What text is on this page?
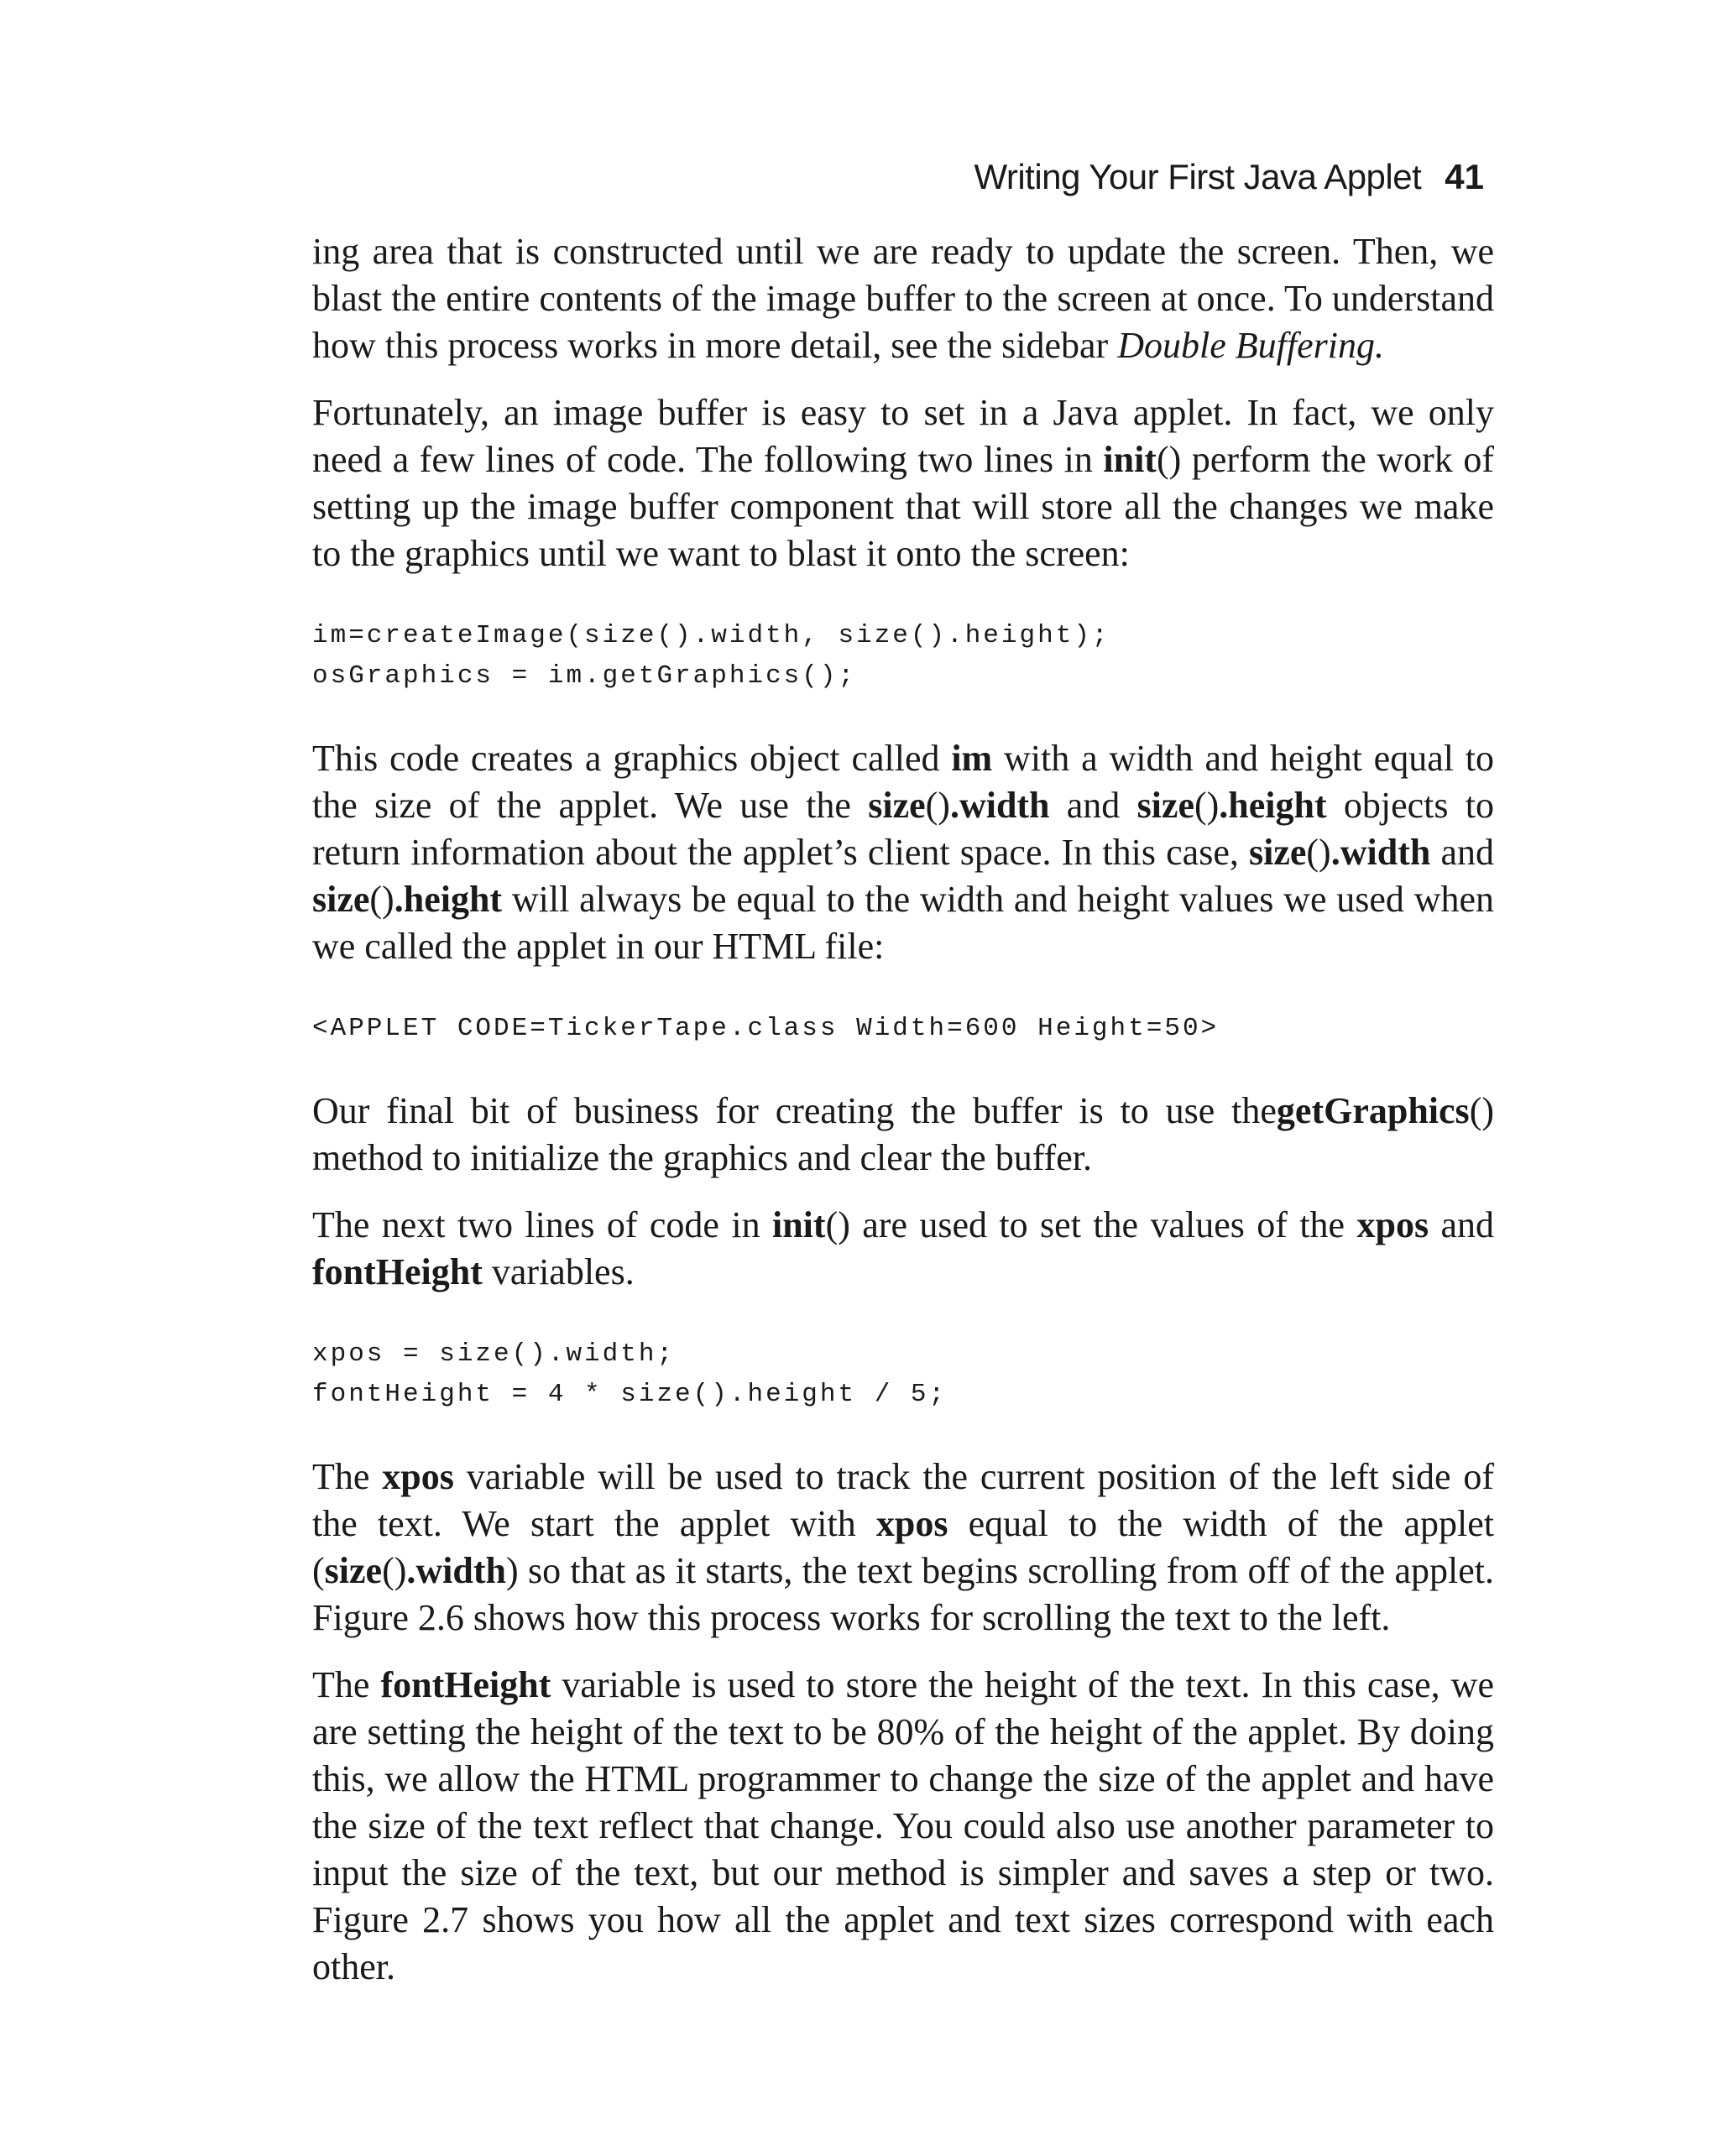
Writing Your First Java Applet 41

ing area that is constructed until we are ready to update the screen. Then, we blast the entire contents of the image buffer to the screen at once. To understand how this process works in more detail, see the sidebar Double Buffering.

Fortunately, an image buffer is easy to set in a Java applet. In fact, we only need a few lines of code. The following two lines in init() perform the work of setting up the image buffer component that will store all the changes we make to the graphics until we want to blast it onto the screen:

im=createImage(size().width, size().height);
osGraphics = im.getGraphics();

This code creates a graphics object called im with a width and height equal to the size of the applet. We use the size().width and size().height objects to return information about the applet’s client space. In this case, size().width and size().height will always be equal to the width and height values we used when we called the applet in our HTML file:

<APPLET CODE=TickerTape.class Width=600 Height=50>

Our final bit of business for creating the buffer is to use thegetGraphics() method to initialize the graphics and clear the buffer.

The next two lines of code in init() are used to set the values of the xpos and fontHeight variables.

xpos = size().width;
fontHeight = 4 * size().height / 5;

The xpos variable will be used to track the current position of the left side of the text. We start the applet with xpos equal to the width of the applet (size().width) so that as it starts, the text begins scrolling from off of the applet. Figure 2.6 shows how this process works for scrolling the text to the left.

The fontHeight variable is used to store the height of the text. In this case, we are setting the height of the text to be 80% of the height of the applet. By doing this, we allow the HTML programmer to change the size of the applet and have the size of the text reflect that change. You could also use another parameter to input the size of the text, but our method is simpler and saves a step or two. Figure 2.7 shows you how all the applet and text sizes correspond with each other.
